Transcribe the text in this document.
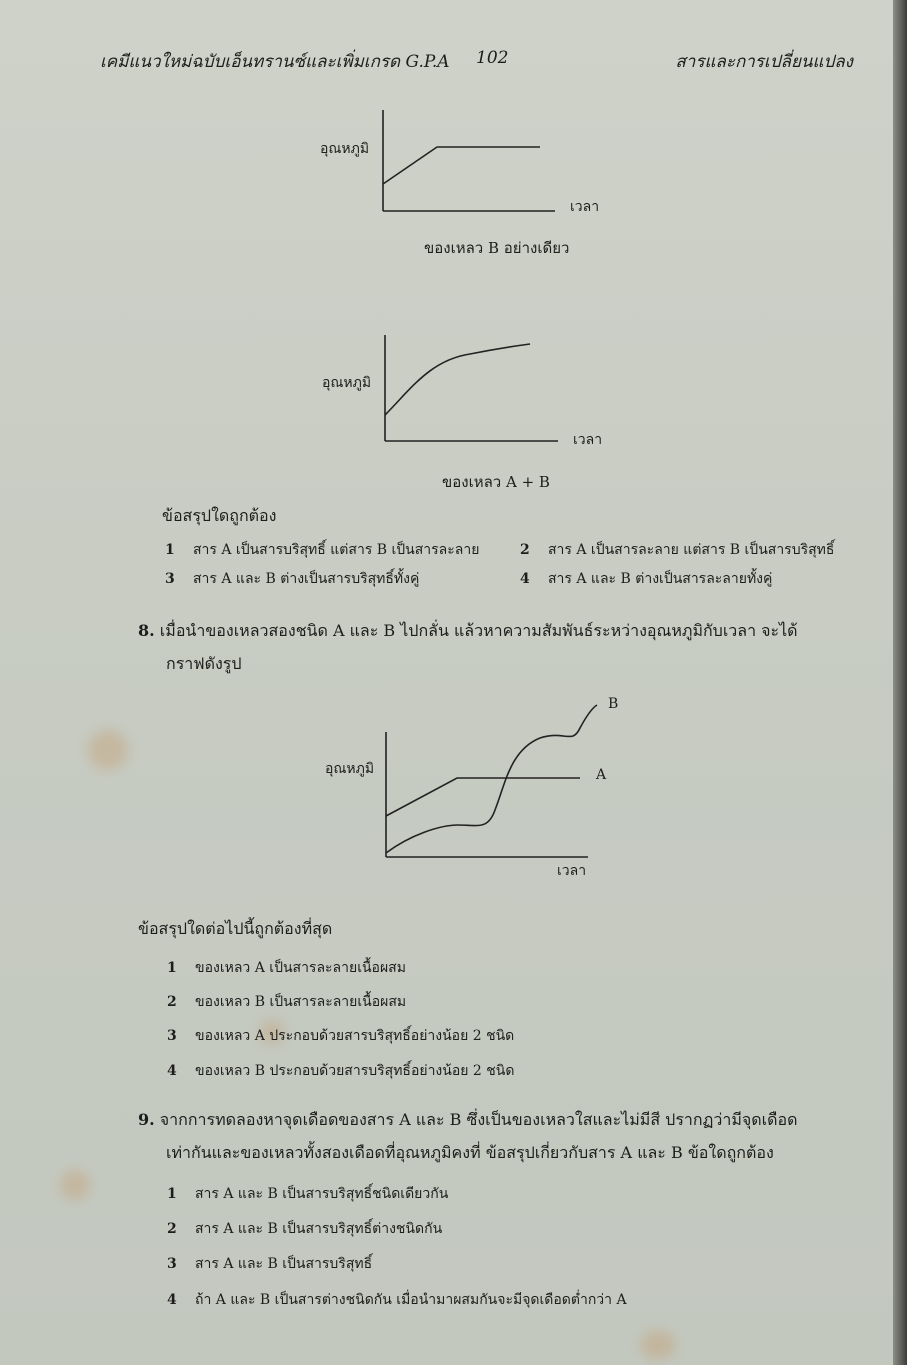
เคมีแนวใหม่ฉบับเอ็นทรานซ์และเพิ่มเกรด G.P.A 102	สารและการเปลี่ยนแปลง
อุณหภูมิ
เวลา
ของเหลว B อย่างเดียว
อุณหภูมิ
เวลา
ของเหลว A + B
ข้อสรุปใดถูกต้อง
1 สาร A เป็นสารบริสุทธิ์ แต่สาร B เป็นสารละลาย	2 สาร A เป็นสารละลาย แต่สาร B เป็นสารบริสุทธิ์
3 สาร A และ B ต่างเป็นสารบริสุทธิ์ทั้งคู่	4 สาร A และ B ต่างเป็นสารละลายทั้งคู่
8. เมื่อนำของเหลวสองชนิด A และ B ไปกลั่น แล้วหาความสัมพันธ์ระหว่างอุณหภูมิกับเวลา จะได้
กราฟดังรูป
อุณหภูมิ
B
A
เวลา
ข้อสรุปใดต่อไปนี้ถูกต้องที่สุด
1 ของเหลว A เป็นสารละลายเนื้อผสม
2 ของเหลว B เป็นสารละลายเนื้อผสม
3 ของเหลว A ประกอบด้วยสารบริสุทธิ์อย่างน้อย 2 ชนิด
4 ของเหลว B ประกอบด้วยสารบริสุทธิ์อย่างน้อย 2 ชนิด
9. จากการทดลองหาจุดเดือดของสาร A และ B ซึ่งเป็นของเหลวใสและไม่มีสี ปรากฏว่ามีจุดเดือด
เท่ากันและของเหลวทั้งสองเดือดที่อุณหภูมิคงที่ ข้อสรุปเกี่ยวกับสาร A และ B ข้อใดถูกต้อง
1 สาร A และ B เป็นสารบริสุทธิ์ชนิดเดียวกัน
2 สาร A และ B เป็นสารบริสุทธิ์ต่างชนิดกัน
3 สาร A และ B เป็นสารบริสุทธิ์
4 ถ้า A และ B เป็นสารต่างชนิดกัน เมื่อนำมาผสมกันจะมีจุดเดือดต่ำกว่า A
